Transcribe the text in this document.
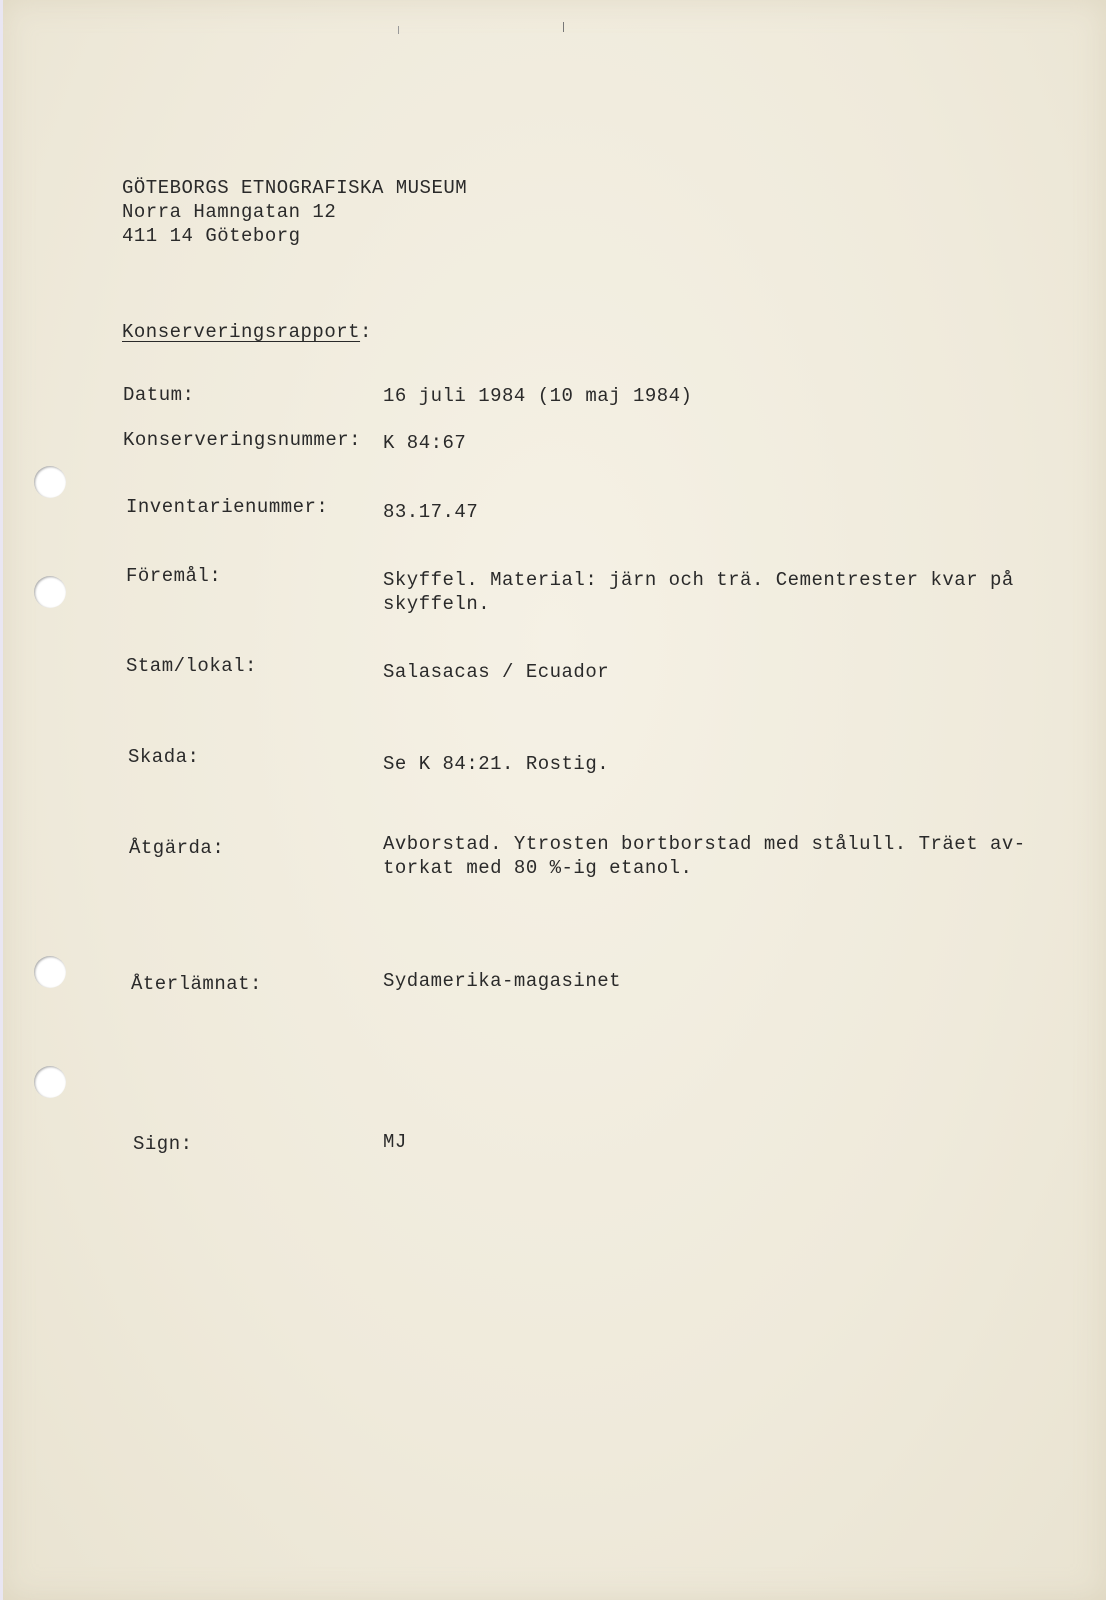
GÖTEBORGS ETNOGRAFISKA MUSEUM
Norra Hamngatan 12
411 14 Göteborg
Konserveringsrapport:
Datum:	16 juli 1984 (10 maj 1984)
Konserveringsnummer: K 84:67
Inventarienummer:	83.17.47
Föremål:	Skyffel. Material: järn och trä. Cementrester kvar på skyffeln.
Stam/lokal:	Salasacas / Ecuador
Skada:	Se K 84:21. Rostig.
Åtgärda:	Avborstad. Ytrosten bortborstad med stålull. Träet av-
torkat med 80 %-ig etanol.
Återlämnat:	Sydamerika-magasinet
Sign:	MJ
